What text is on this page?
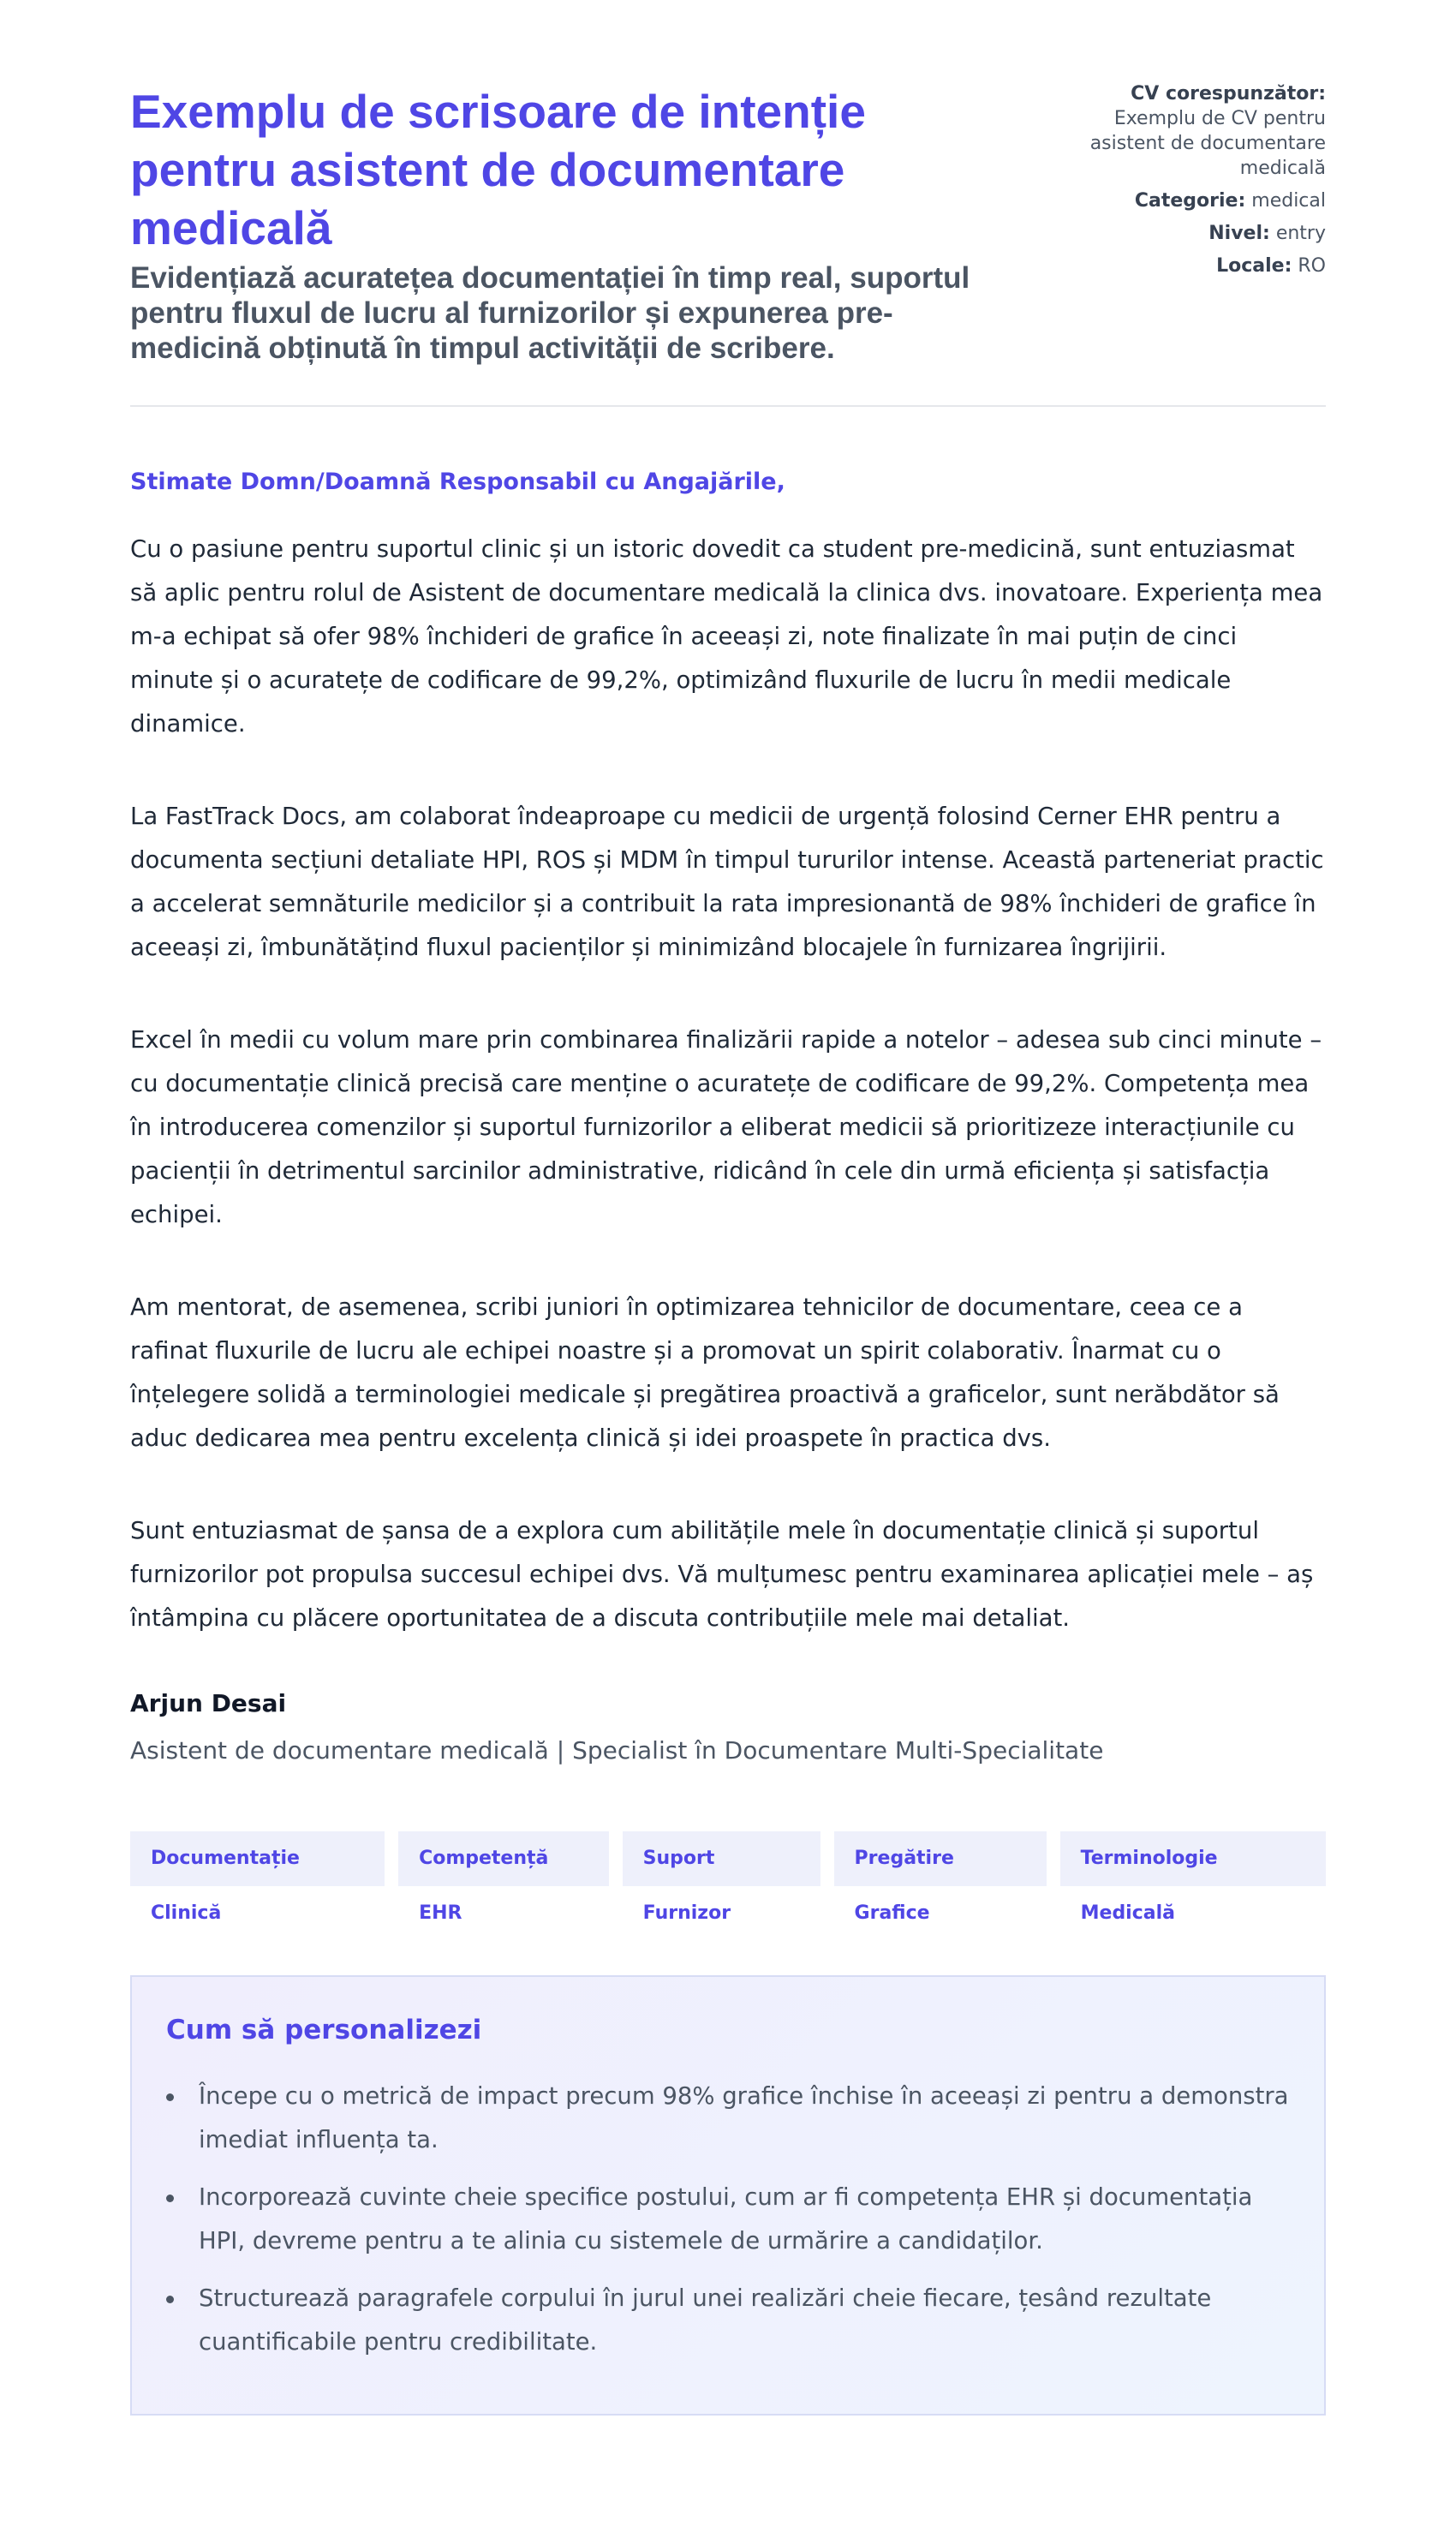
Exemplu de scrisoare de intenție pentru asistent de documentare medicală
Evidențiază acuratețea documentației în timp real, suportul pentru fluxul de lucru al furnizorilor și expunerea pre-medicină obținută în timpul activității de scribere.
CV corespunzător:
Exemplu de CV pentru asistent de documentare medicală
Categorie: medical
Nivel: entry
Locale: RO
Stimate Domn/Doamnă Responsabil cu Angajările,

Cu o pasiune pentru suportul clinic și un istoric dovedit ca student pre-medicină, sunt entuziasmat să aplic pentru rolul de Asistent de documentare medicală la clinica dvs. inovatoare. Experiența mea m-a echipat să ofer 98% închideri de grafice în aceeași zi, note finalizate în mai puțin de cinci minute și o acuratețe de codificare de 99,2%, optimizând fluxurile de lucru în medii medicale dinamice.

La FastTrack Docs, am colaborat îndeaproape cu medicii de urgență folosind Cerner EHR pentru a documenta secțiuni detaliate HPI, ROS și MDM în timpul tururilor intense. Această parteneriat practic a accelerat semnăturile medicilor și a contribuit la rata impresionantă de 98% închideri de grafice în aceeași zi, îmbunătățind fluxul pacienților și minimizând blocajele în furnizarea îngrijirii.

Excel în medii cu volum mare prin combinarea finalizării rapide a notelor – adesea sub cinci minute – cu documentație clinică precisă care menține o acuratețe de codificare de 99,2%. Competența mea în introducerea comenzilor și suportul furnizorilor a eliberat medicii să prioritizeze interacțiunile cu pacienții în detrimentul sarcinilor administrative, ridicând în cele din urmă eficiența și satisfacția echipei.

Am mentorat, de asemenea, scribi juniori în optimizarea tehnicilor de documentare, ceea ce a rafinat fluxurile de lucru ale echipei noastre și a promovat un spirit colaborativ. Înarmat cu o înțelegere solidă a terminologiei medicale și pregătirea proactivă a graficelor, sunt nerăbdător să aduc dedicarea mea pentru excelența clinică și idei proaspete în practica dvs.

Sunt entuziasmat de șansa de a explora cum abilitățile mele în documentație clinică și suportul furnizorilor pot propulsa succesul echipei dvs. Vă mulțumesc pentru examinarea aplicației mele – aș întâmpina cu plăcere oportunitatea de a discuta contribuțiile mele mai detaliat.

Arjun Desai
Asistent de documentare medicală | Specialist în Documentare Multi-Specialitate
Documentație Clinică
Competență EHR
Suport Furnizor
Pregătire Grafice
Terminologie Medicală
Cum să personalizezi
Începe cu o metrică de impact precum 98% grafice închise în aceeași zi pentru a demonstra imediat influența ta.
Incorporează cuvinte cheie specifice postului, cum ar fi competența EHR și documentația HPI, devreme pentru a te alinia cu sistemele de urmărire a candidaților.
Structurează paragrafele corpului în jurul unei realizări cheie fiecare, țesând rezultate cuantificabile pentru credibilitate.
